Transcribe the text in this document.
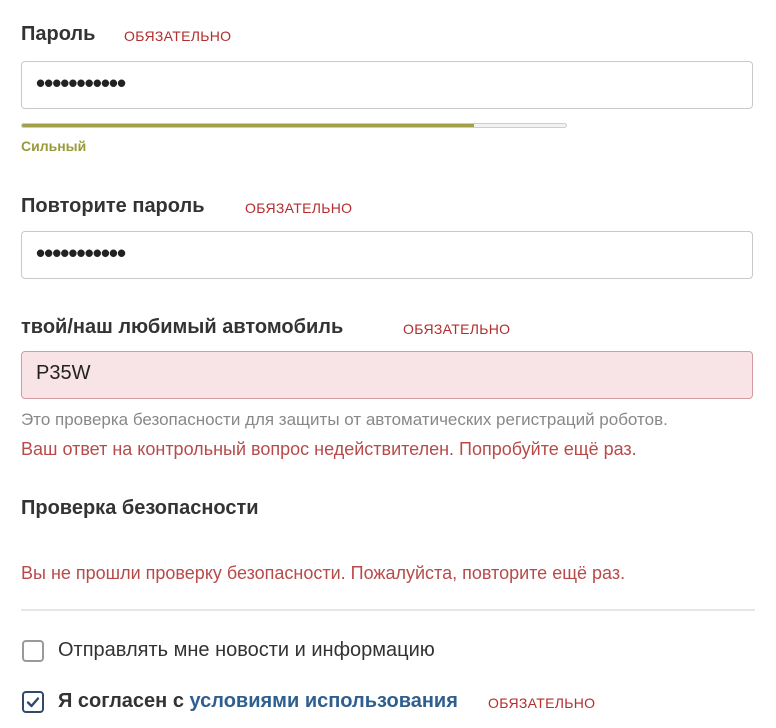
Пароль ОБЯЗАТЕЛЬНО
•••••••••••
Сильный
Повторите пароль	ОБЯЗАТЕЛЬНО
•••••••••••
твой/наш любимый автомобиль	ОБЯЗАТЕЛЬНО
P35W
Это проверка безопасности для защиты от автоматических регистраций роботов.
Ваш ответ на контрольный вопрос недействителен. Попробуйте ещё раз.
Проверка безопасности
Вы не прошли проверку безопасности. Пожалуйста, повторите ещё раз.
Отправлять мне новости и информацию
Я согласен с условиями использования ОБЯЗАТЕЛЬНО
